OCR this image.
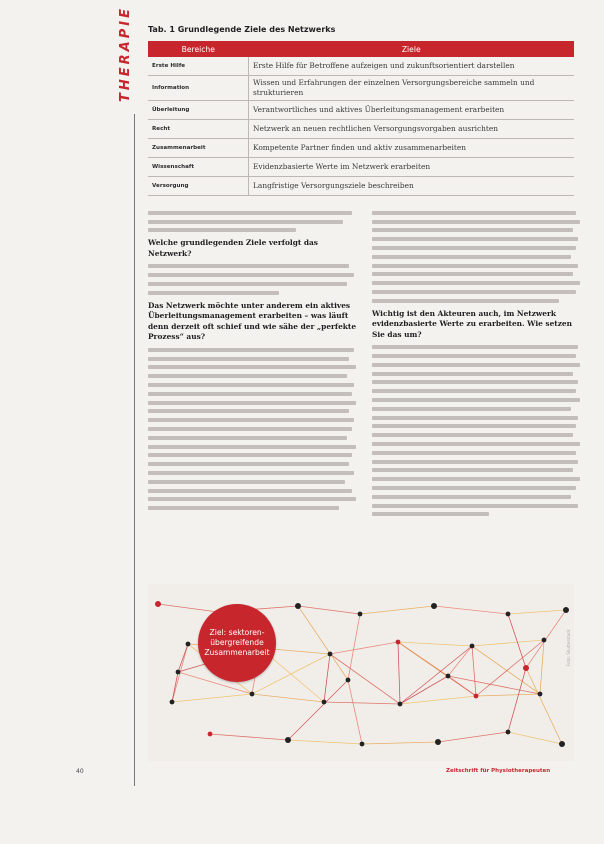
THERAPIE Tab. 1 Grundlegende Ziele des Netzwerks
Bereiche	Ziele
Erste Hilfe	Erste Hilfe für Betroffene aufzeigen und zukunftsorientiert darstellen
Information	Wissen und Erfahrungen der einzelnen Versorgungsbereiche sammeln und strukturieren
Überleitung	Verantwortliches und aktives Überleitungsmanagement erarbeiten
Recht	Netzwerk an neuen rechtlichen Versorgungsvorgaben ausrichten
Zusammenarbeit	Kompetente Partner finden und aktiv zusammenarbeiten
Wissenschaft	Evidenzbasierte Werte im Netzwerk erarbeiten
Versorgung	Langfristige Versorgungsziele beschreiben
Welche grundlegenden Ziele verfolgt das Netzwerk?
Das Netzwerk möchte unter anderem ein aktives Überleitungsmanagement erarbeiten – was läuft denn derzeit oft schief und wie sähe der „perfekte Prozess“ aus?
Wichtig ist den Akteuren auch, im Netzwerk evidenzbasierte Werte zu erarbeiten. Wie setzen Sie das um?
Ziel: sektorenübergreifende Zusammenarbeit	Foto: Shutterstock
40	Zeitschrift für Physiotherapeuten
